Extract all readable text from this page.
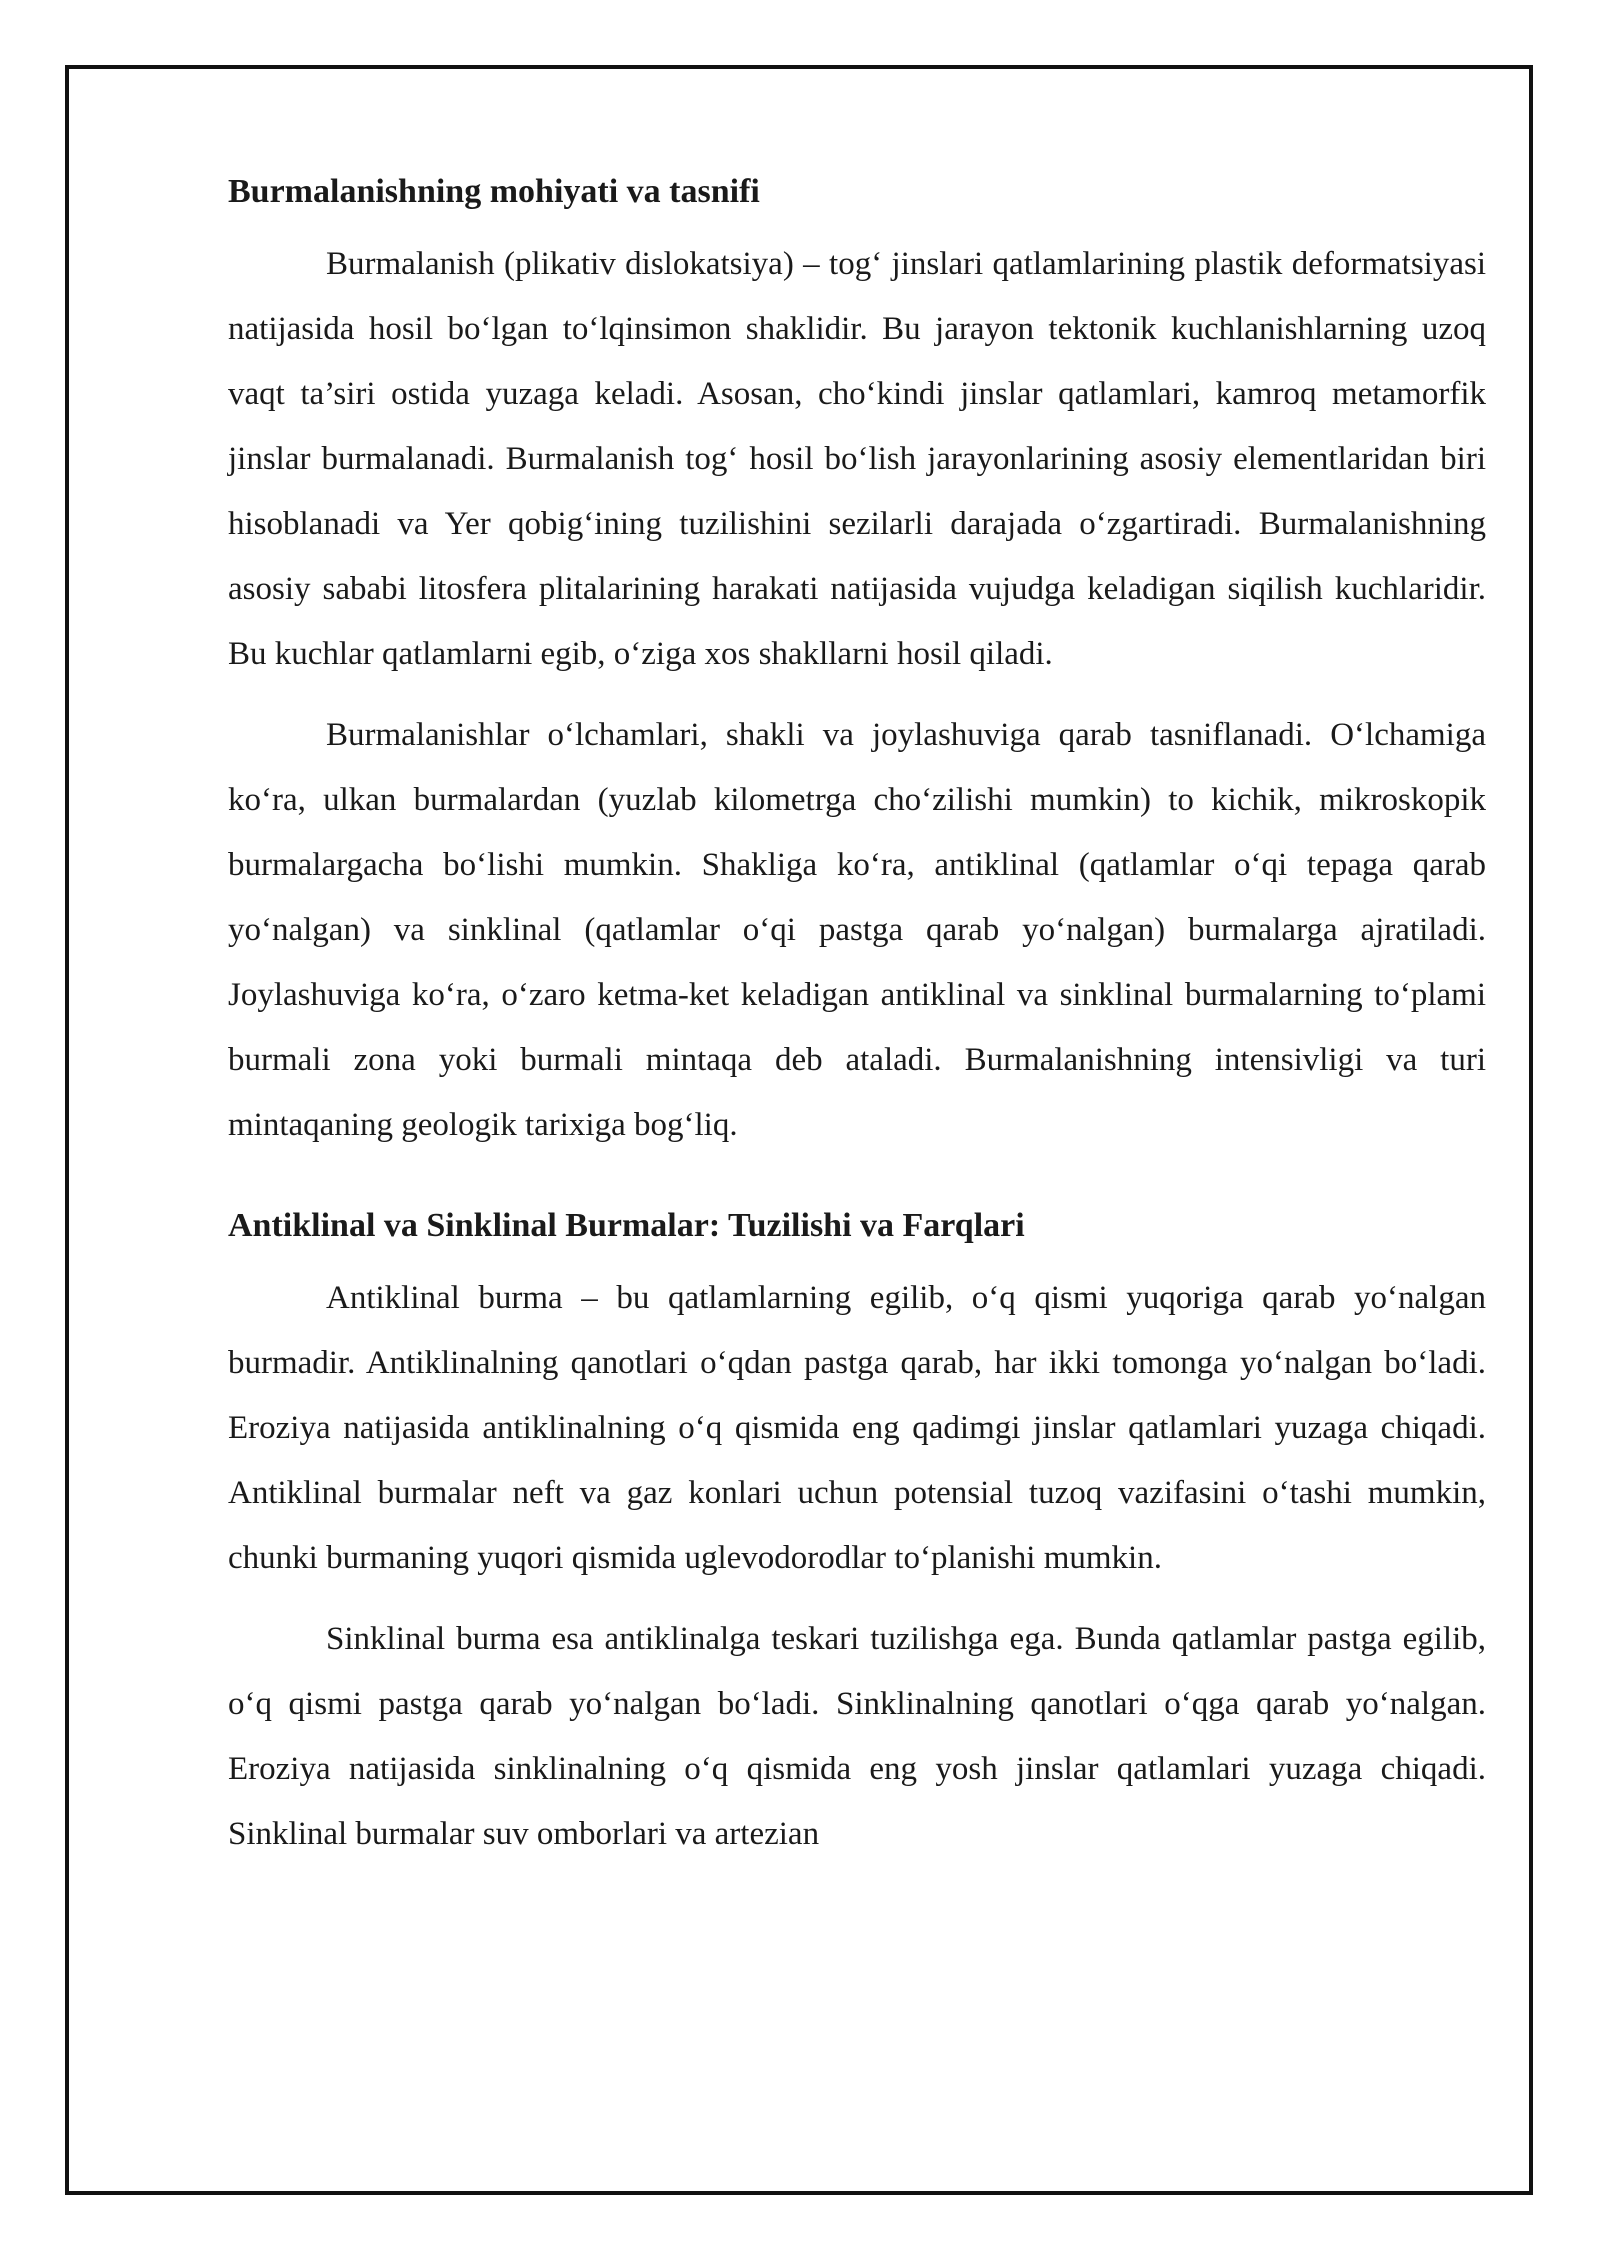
Burmalanishning mohiyati va tasnifi

Burmalanish (plikativ dislokatsiya) – tog‘ jinslari qatlamlarining plastik deformatsiyasi natijasida hosil bo‘lgan to‘lqinsimon shaklidir. Bu jarayon tektonik kuchlanishlarning uzoq vaqt ta’siri ostida yuzaga keladi. Asosan, cho‘kindi jinslar qatlamlari, kamroq metamorfik jinslar burmalanadi. Burmalanish tog‘ hosil bo‘lish jarayonlarining asosiy elementlaridan biri hisoblanadi va Yer qobig‘ining tuzilishini sezilarli darajada o‘zgartiradi. Burmalanishning asosiy sababi litosfera plitalarining harakati natijasida vujudga keladigan siqilish kuchlaridir. Bu kuchlar qatlamlarni egib, o‘ziga xos shakllarni hosil qiladi.

Burmalanishlar o‘lchamlari, shakli va joylashuviga qarab tasniflanadi. O‘lchamiga ko‘ra, ulkan burmalardan (yuzlab kilometrga cho‘zilishi mumkin) to kichik, mikroskopik burmalargacha bo‘lishi mumkin. Shakliga ko‘ra, antiklinal (qatlamlar o‘qi tepaga qarab yo‘nalgan) va sinklinal (qatlamlar o‘qi pastga qarab yo‘nalgan) burmalarga ajratiladi. Joylashuviga ko‘ra, o‘zaro ketma-ket keladigan antiklinal va sinklinal burmalarning to‘plami burmali zona yoki burmali mintaqa deb ataladi. Burmalanishning intensivligi va turi mintaqaning geologik tarixiga bog‘liq.

Antiklinal va Sinklinal Burmalar: Tuzilishi va Farqlari

Antiklinal burma – bu qatlamlarning egilib, o‘q qismi yuqoriga qarab yo‘nalgan burmadir. Antiklinalning qanotlari o‘qdan pastga qarab, har ikki tomonga yo‘nalgan bo‘ladi. Eroziya natijasida antiklinalning o‘q qismida eng qadimgi jinslar qatlamlari yuzaga chiqadi. Antiklinal burmalar neft va gaz konlari uchun potensial tuzoq vazifasini o‘tashi mumkin, chunki burmaning yuqori qismida uglevodorodlar to‘planishi mumkin.

Sinklinal burma esa antiklinalga teskari tuzilishga ega. Bunda qatlamlar pastga egilib, o‘q qismi pastga qarab yo‘nalgan bo‘ladi. Sinklinalning qanotlari o‘qga qarab yo‘nalgan. Eroziya natijasida sinklinalning o‘q qismida eng yosh jinslar qatlamlari yuzaga chiqadi. Sinklinal burmalar suv omborlari va artezian
